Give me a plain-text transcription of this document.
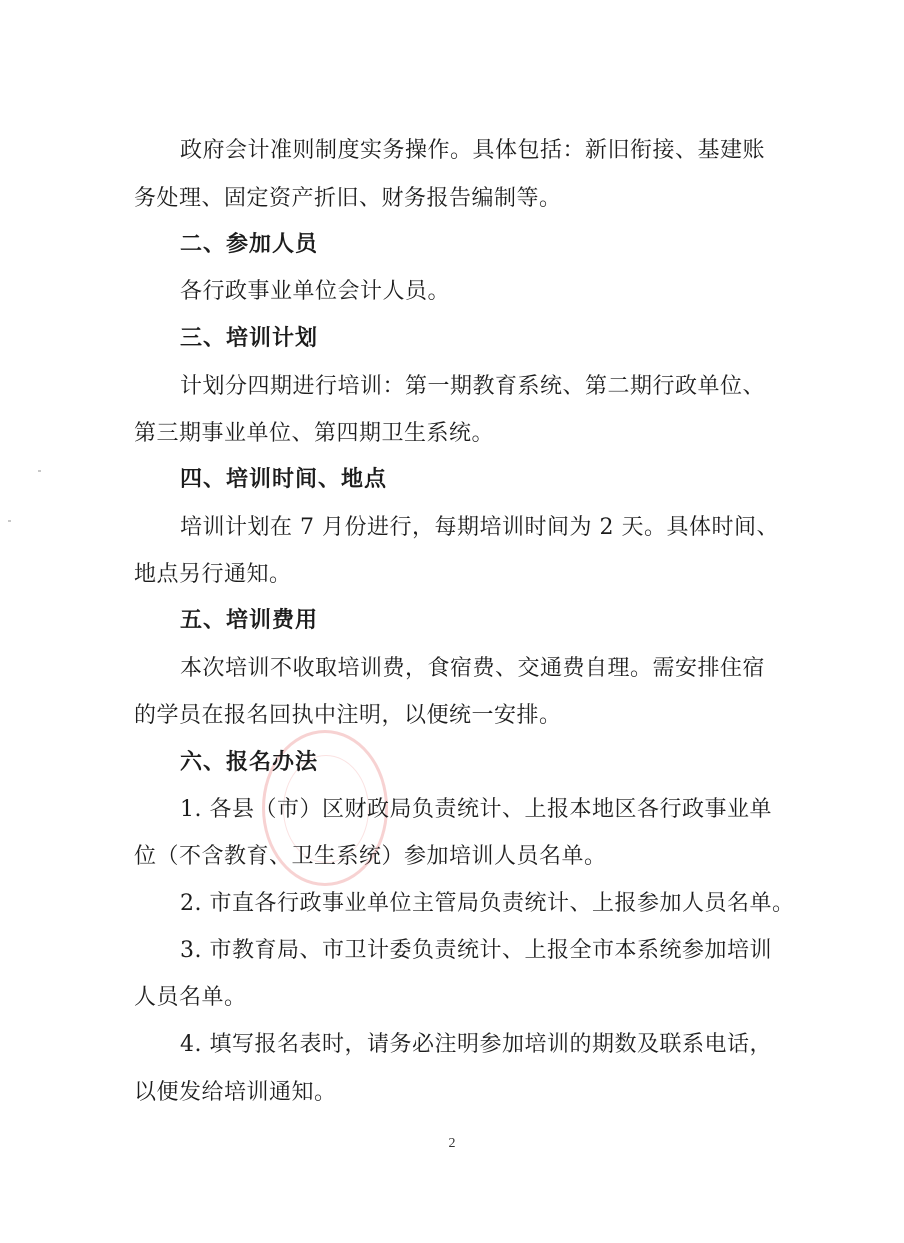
政府会计准则制度实务操作。具体包括：新旧衔接、基建账
务处理、固定资产折旧、财务报告编制等。
二、参加人员
各行政事业单位会计人员。
三、培训计划
计划分四期进行培训：第一期教育系统、第二期行政单位、
第三期事业单位、第四期卫生系统。
四、培训时间、地点
培训计划在 7 月份进行，每期培训时间为 2 天。具体时间、
地点另行通知。
五、培训费用
本次培训不收取培训费，食宿费、交通费自理。需安排住宿
的学员在报名回执中注明，以便统一安排。
六、报名办法
1. 各县（市）区财政局负责统计、上报本地区各行政事业单
位（不含教育、卫生系统）参加培训人员名单。
2. 市直各行政事业单位主管局负责统计、上报参加人员名单。
3. 市教育局、市卫计委负责统计、上报全市本系统参加培训
人员名单。
4. 填写报名表时，请务必注明参加培训的期数及联系电话，
以便发给培训通知。
2
